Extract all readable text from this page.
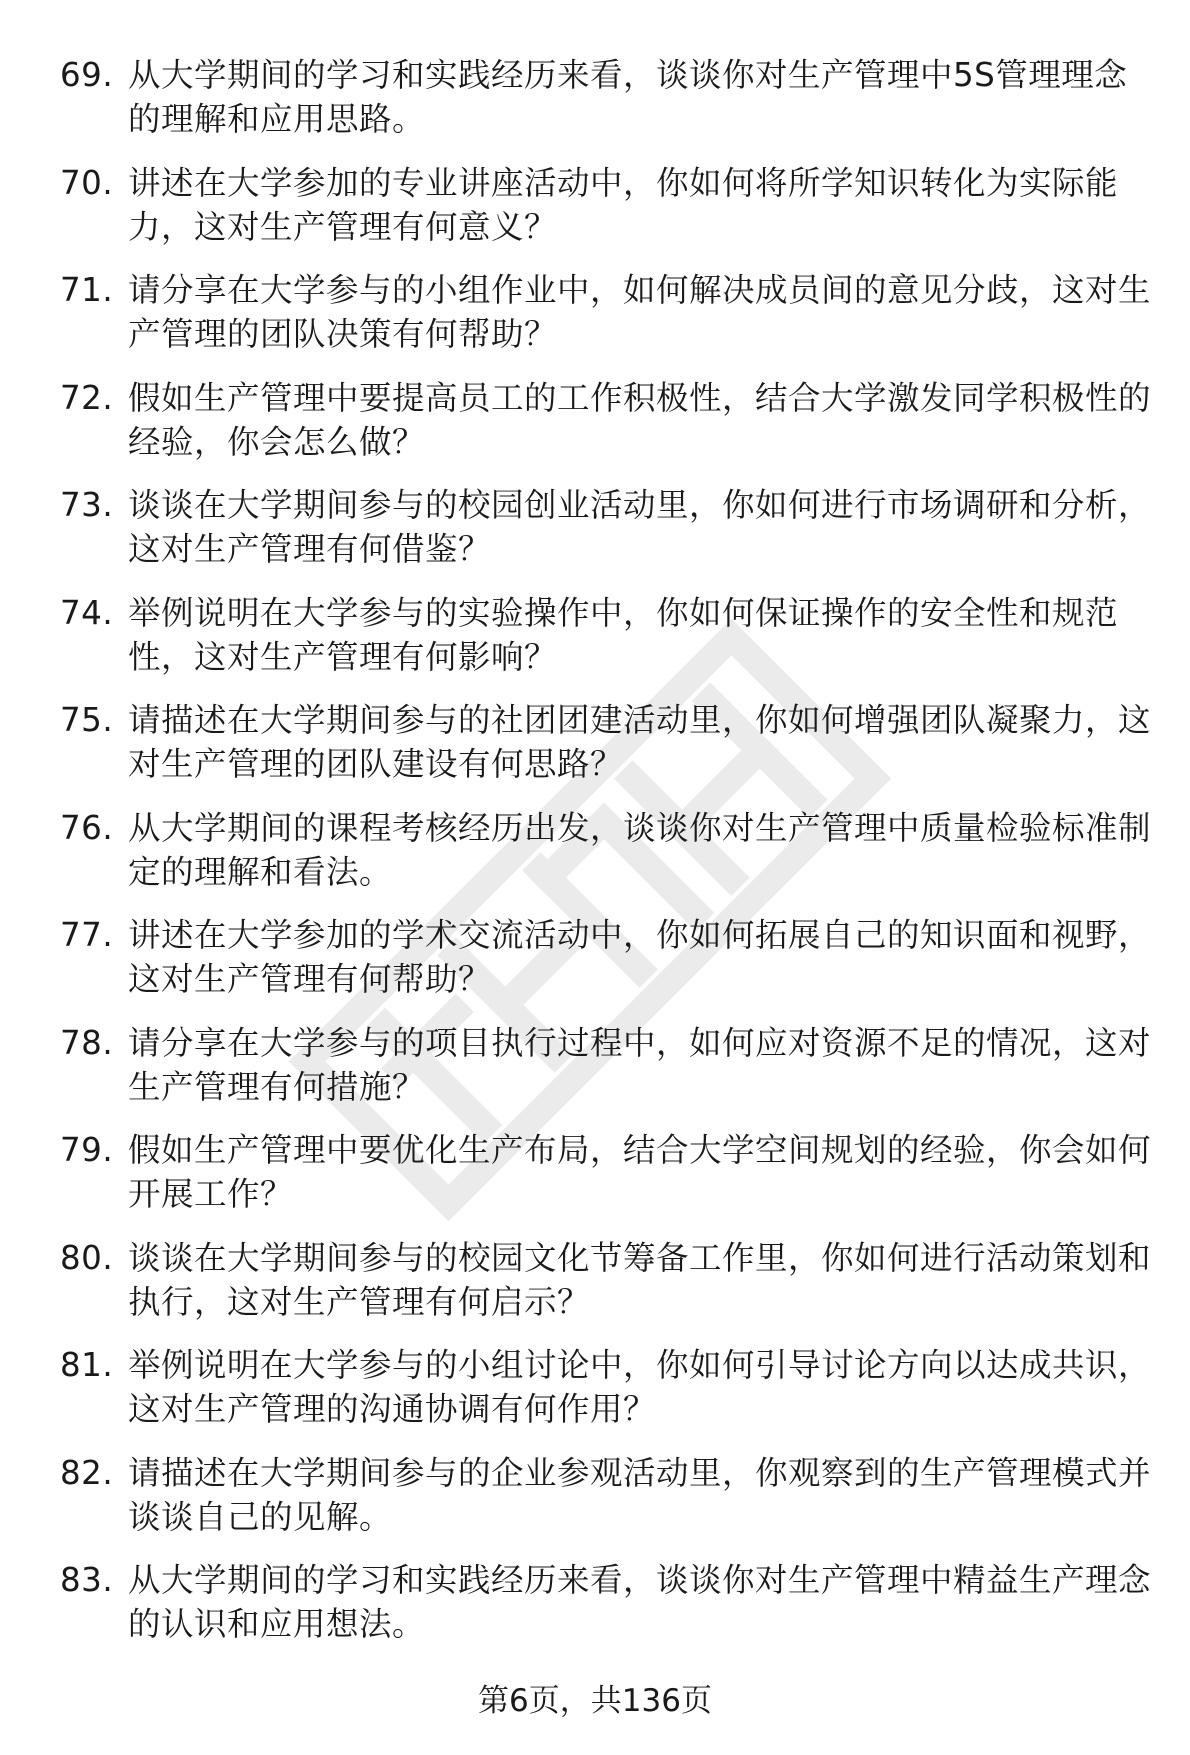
69. 从大学期间的学习和实践经历来看，谈谈你对生产管理中5S管理理念的理解和应用思路。
70. 讲述在大学参加的专业讲座活动中，你如何将所学知识转化为实际能力，这对生产管理有何意义？
71. 请分享在大学参与的小组作业中，如何解决成员间的意见分歧，这对生产管理的团队决策有何帮助？
72. 假如生产管理中要提高员工的工作积极性，结合大学激发同学积极性的经验，你会怎么做？
73. 谈谈在大学期间参与的校园创业活动里，你如何进行市场调研和分析，这对生产管理有何借鉴？
74. 举例说明在大学参与的实验操作中，你如何保证操作的安全性和规范性，这对生产管理有何影响？
75. 请描述在大学期间参与的社团团建活动里，你如何增强团队凝聚力，这对生产管理的团队建设有何思路？
76. 从大学期间的课程考核经历出发，谈谈你对生产管理中质量检验标准制定的理解和看法。
77. 讲述在大学参加的学术交流活动中，你如何拓展自己的知识面和视野，这对生产管理有何帮助？
78. 请分享在大学参与的项目执行过程中，如何应对资源不足的情况，这对生产管理有何措施？
79. 假如生产管理中要优化生产布局，结合大学空间规划的经验，你会如何开展工作？
80. 谈谈在大学期间参与的校园文化节筹备工作里，你如何进行活动策划和执行，这对生产管理有何启示？
81. 举例说明在大学参与的小组讨论中，你如何引导讨论方向以达成共识，这对生产管理的沟通协调有何作用？
82. 请描述在大学期间参与的企业参观活动里，你观察到的生产管理模式并谈谈自己的见解。
83. 从大学期间的学习和实践经历来看，谈谈你对生产管理中精益生产理念的认识和应用想法。
第6页，共136页
